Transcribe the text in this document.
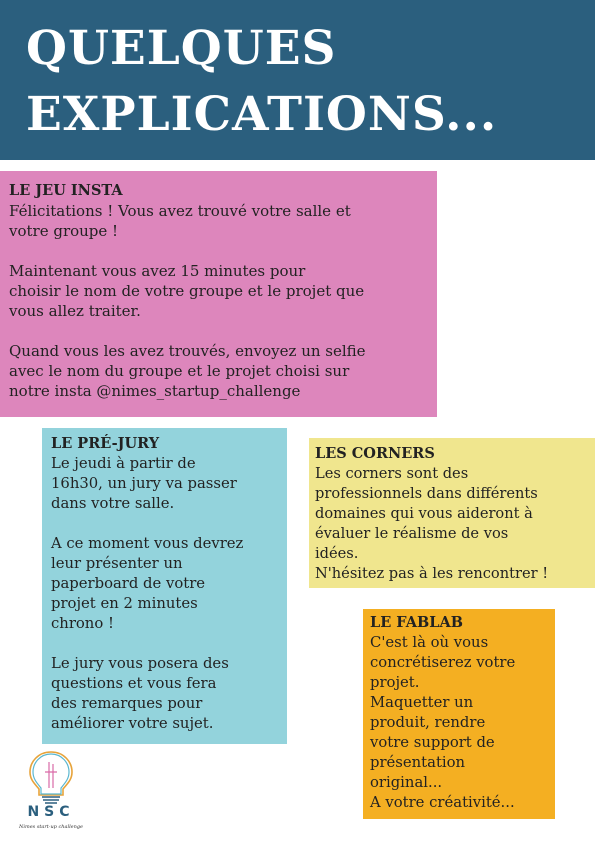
QUELQUES
EXPLICATIONS...

LE JEU INSTA

Félicitations ! Vous avez trouvé votre salle et
votre groupe !

Maintenant vous avez 15 minutes pour
choisir le nom de votre groupe et le projet que
vous allez traiter.

Quand vous les avez trouvés, envoyez un selfie
avec le nom du groupe et le projet choisi sur
notre insta @nimes_startup_challenge

LE PRÉ-JURY

Le jeudi à partir de
16h30, un jury va passer
dans votre salle.

A ce moment vous devrez
leur présenter un
paperboard de votre
projet en 2 minutes
chrono !

Le jury vous posera des
questions et vous fera
des remarques pour
améliorer votre sujet.

LES CORNERS

Les corners sont des
professionnels dans différents
domaines qui vous aideront à
évaluer le réalisme de vos
idées.
N'hésitez pas à les rencontrer !

LE FABLAB

C'est là où vous
concrétiserez votre
projet.
Maquetter un
produit, rendre
votre support de
présentation
original...
A votre créativité...

NSC
Nimes start-up challenge
